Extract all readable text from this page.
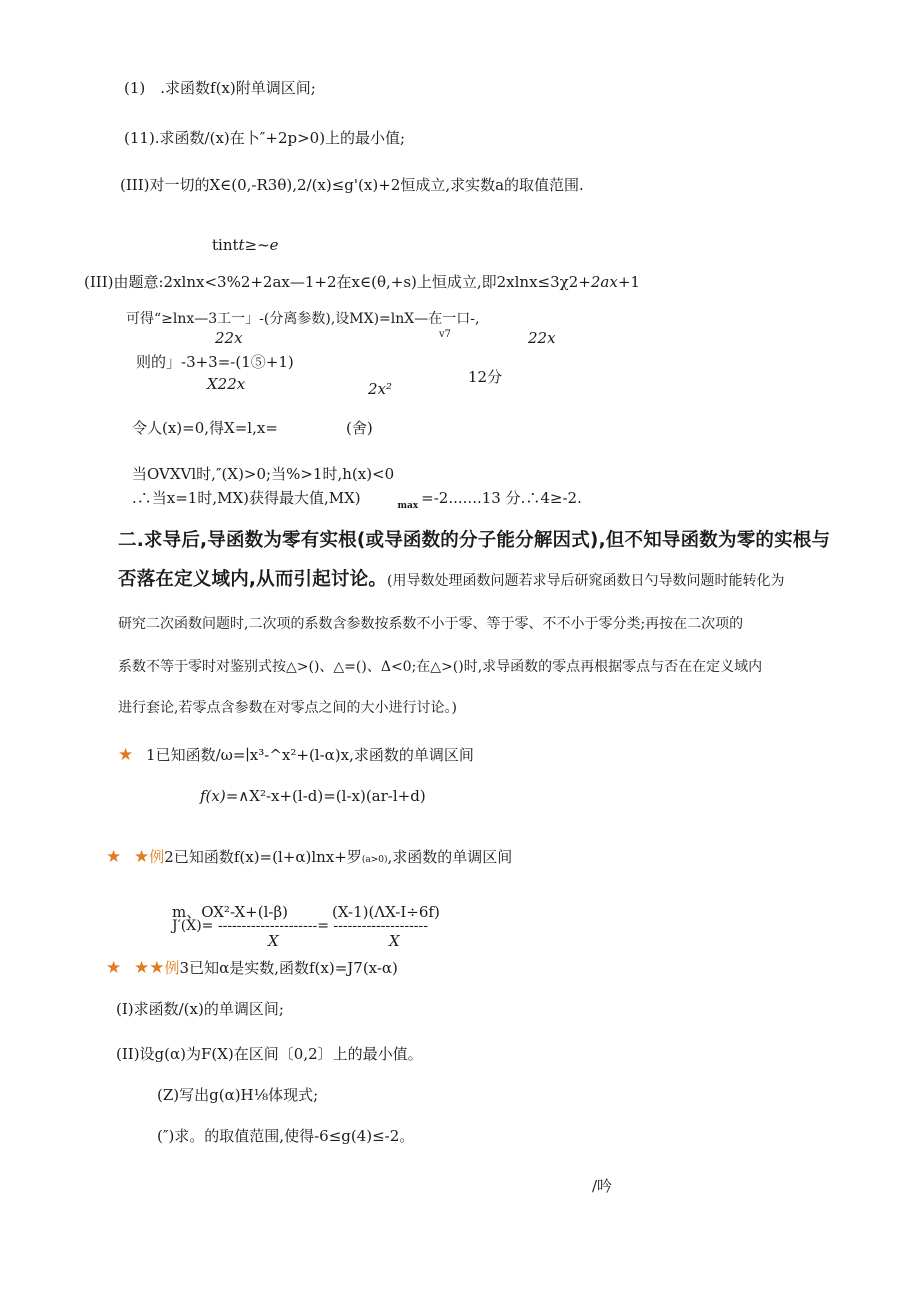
(1)　.求函数f(x)附单调区间;
(11).求函数/(x)在卜″+2p>0)上的最小值;
(III)对一切的X∈(0,-R3θ),2/(x)≤g'(x)+2恒成立,求实数a的取值范围.
tintt≥~e
(III)由题意:2xlnx<3%2+2ax—1+2在x∈(θ,+s)上恒成立,即2xlnx≤3χ2+2ax+1
可得“≥lnx—3工一」-(分离参数),设MX)=lnX—在一口-,
v7
22x	22x
则的」-3+3=-(1⑤+1)
X22x	2x²
12分
令人(x)=0,得X=l,x=	(舍)
当OVXVl时,″(X)>0;当%>1时,h(x)<0
.∴当x=1时,MX)获得最大值,MX)	$_{max}$ =-2.......13 分.∴4≥-2.
二.求导后,导函数为零有实根(或导函数的分子能分解因式),但不知导函数为零的实根与
否落在定义域内,从而引起讨论。(用导数处理函数问题若求导后研窕函数日勺导数问题时能转化为
研究二次函数问题时,二次项的系数含参数按系数不小于零、等于零、不不小于零分类;再按在二次项的
系数不等于零时对鉴别式按△>()、△=()、Δ<0;在△>()时,求导函数的零点再根据零点与否在在定义域内
进行套论,若零点含参数在对零点之间的大小进行讨论。)
★ 1已知函数/ω=∣x³-^x²+(l-α)x,求函数的单调区间
f(x)=∧X²-x+(l-d)=(l-x)(ar-l+d)
★ ★例2已知函数f(x)=(l+α)lnx+罗(a>0),求函数的单调区间
m、OX²-X+(l-β)	(X-1)(ΛX-I÷6f)
J′(X)= ---------------------= --------------------
X	X
★ ★★例3已知α是实数,函数f(x)=J7(x-α)
(I)求函数/(x)的单调区间;
(II)设g(α)为F(X)在区间〔0,2〕上的最小值。
(Z)写出g(α)H⅛体现式;
(″)求。的取值范围,使得-6≤g(4)≤-2。
/吟
